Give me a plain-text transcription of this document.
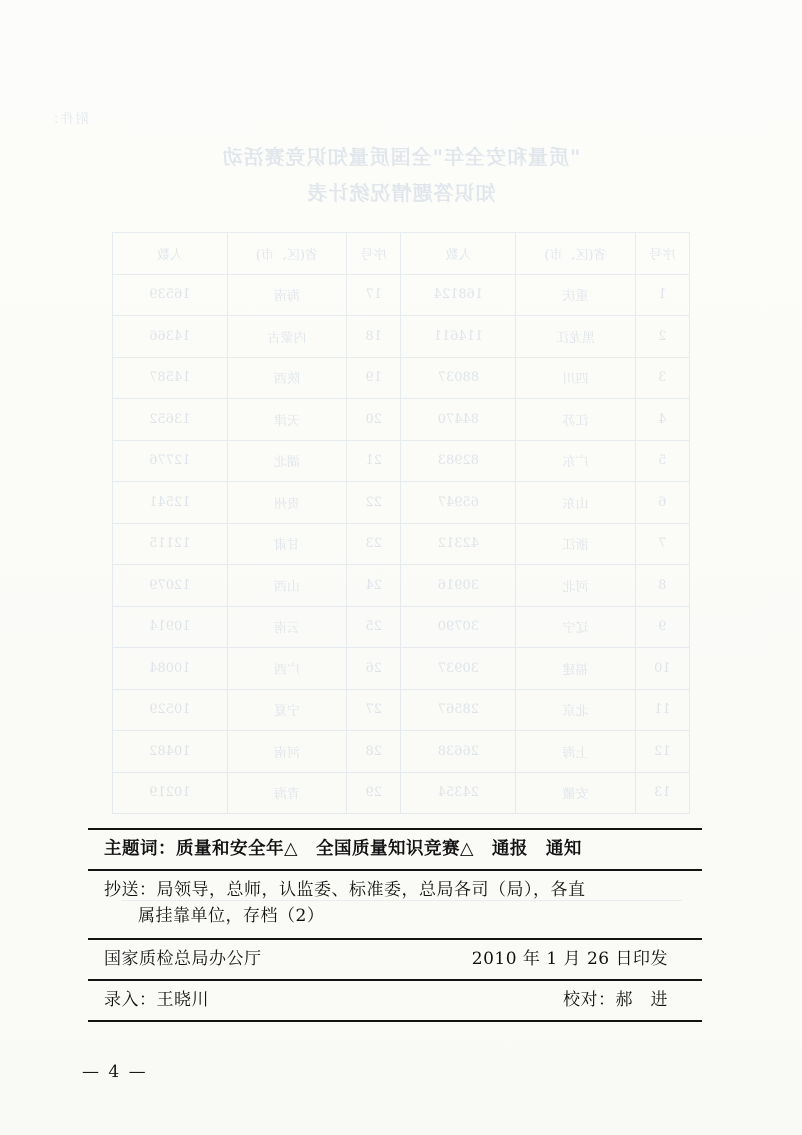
附件:
"质量和安全年"全国质量知识竞赛活动
知识答题情况统计表
序号	省(区、市)	人数	序号	省(区、市)	人数
1	重庆	168124	17	海南	16539
2	黑龙江	114611	18	内蒙古	14366
3	四川	88037	19	陕西	14587
4	江苏	84470	20	天津	13652
5	广东	82983	21	湖北	12776
6	山东	65947	22	贵州	12541
7	浙江	42312	23	甘肃	12115
8	河北	30916	24	山西	12079
9	辽宁	30790	25	云南	10914
10	福建	30937	26	广西	10084
11	北京	28567	27	宁夏	10529
12	上海	26638	28	河南	10482
13	安徽	24354	29	青海	10219
主题词：质量和安全年△　全国质量知识竞赛△　通报　通知
抄送：局领导，总师，认监委、标准委，总局各司（局），各直
属挂靠单位，存档（2）
国家质检总局办公厅	2010 年 1 月 26 日印发
录入：王晓川	校对：郝　进
— 4 —
